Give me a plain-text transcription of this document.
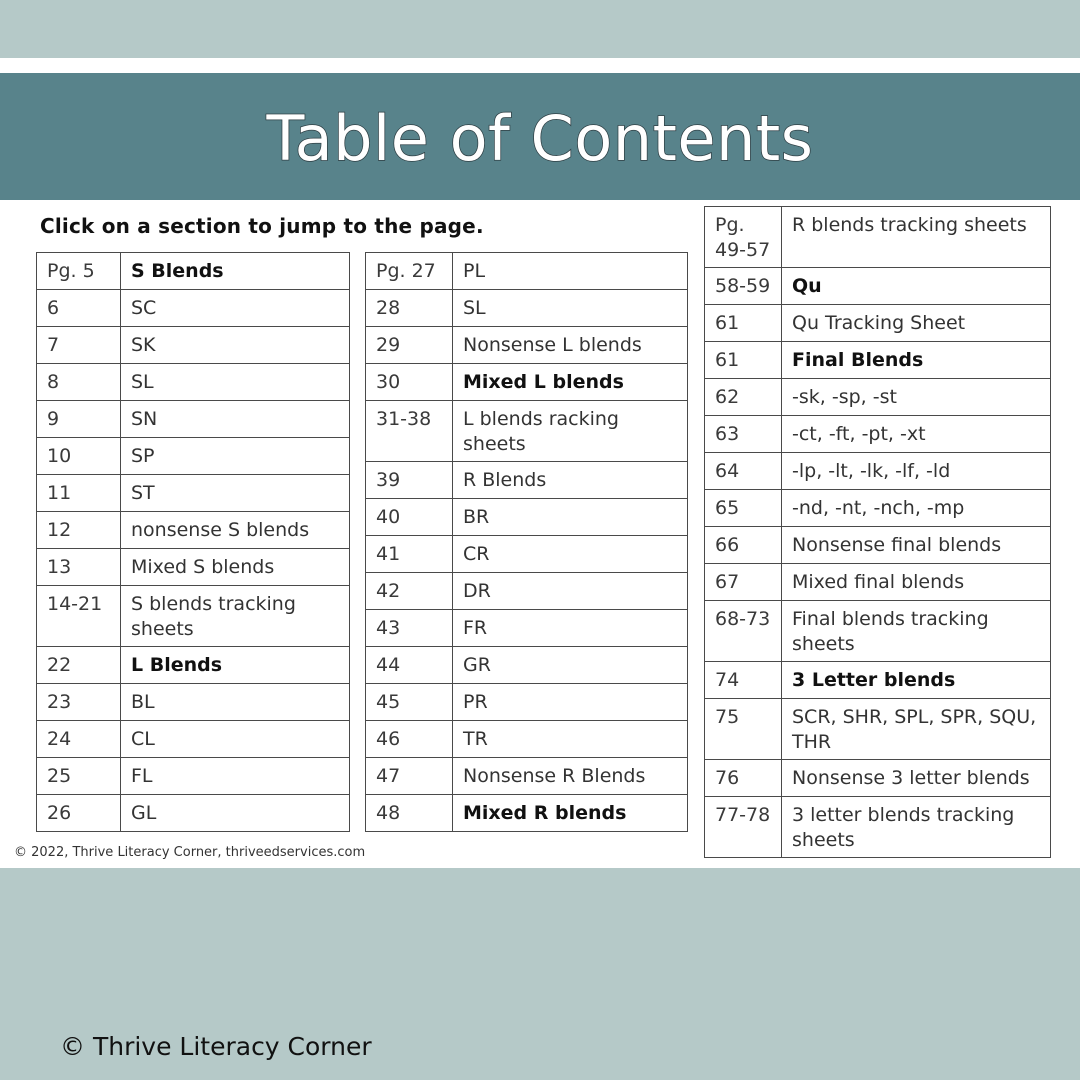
Table of Contents
Click on a section to jump to the page.
Pg. 5	S Blends
6	SC
7	SK
8	SL
9	SN
10	SP
11	ST
12	nonsense S blends
13	Mixed S blends
14-21	S blends tracking sheets
22	L Blends
23	BL
24	CL
25	FL
26	GL
Pg. 27	PL
28	SL
29	Nonsense L blends
30	Mixed L blends
31-38	L blends racking sheets
39	R Blends
40	BR
41	CR
42	DR
43	FR
44	GR
45	PR
46	TR
47	Nonsense R Blends
48	Mixed R blends
Pg. 49-57	R blends tracking sheets
58-59	Qu
61	Qu Tracking Sheet
61	Final Blends
62	-sk, -sp, -st
63	-ct, -ft, -pt, -xt
64	-lp, -lt, -lk, -lf, -ld
65	-nd, -nt, -nch, -mp
66	Nonsense final blends
67	Mixed final blends
68-73	Final blends tracking sheets
74	3 Letter blends
75	SCR, SHR, SPL, SPR, SQU, THR
76	Nonsense 3 letter blends
77-78	3 letter blends tracking sheets
© 2022, Thrive Literacy Corner, thriveedservices.com
© Thrive Literacy Corner
